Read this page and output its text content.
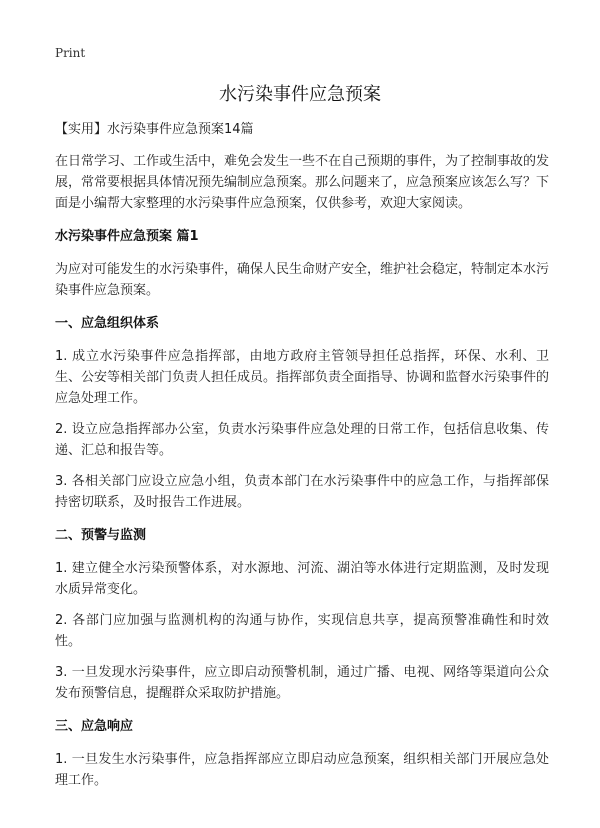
Print
水污染事件应急预案
【实用】水污染事件应急预案14篇

在日常学习、工作或生活中，难免会发生一些不在自己预期的事件，为了控制事故的发展，常常要根据具体情况预先编制应急预案。那么问题来了，应急预案应该怎么写？下面是小编帮大家整理的水污染事件应急预案，仅供参考，欢迎大家阅读。

水污染事件应急预案 篇1

为应对可能发生的水污染事件，确保人民生命财产安全，维护社会稳定，特制定本水污染事件应急预案。

一、应急组织体系

1. 成立水污染事件应急指挥部，由地方政府主管领导担任总指挥，环保、水利、卫生、公安等相关部门负责人担任成员。指挥部负责全面指导、协调和监督水污染事件的 应急处理工作。

2. 设立应急指挥部办公室，负责水污染事件应急处理的日常工作，包括信息收集、传递、汇总和报告等。

3. 各相关部门应设立应急小组，负责本部门在水污染事件中的应急工作，与指挥部保持密切联系，及时报告工作进展。

二、预警与监测

1. 建立健全水污染预警体系，对水源地、河流、湖泊等水体进行定期监测，及时发现水质异常变化。

2. 各部门应加强与监测机构的沟通与协作，实现信息共享，提高预警准确性和时效性。

3. 一旦发现水污染事件，应立即启动预警机制，通过广播、电视、网络等渠道向公众发布预警信息，提醒群众采取防护措施。

三、应急响应

1. 一旦发生水污染事件，应急指挥部应立即启动应急预案，组织相关部门开展应急处理工作。
